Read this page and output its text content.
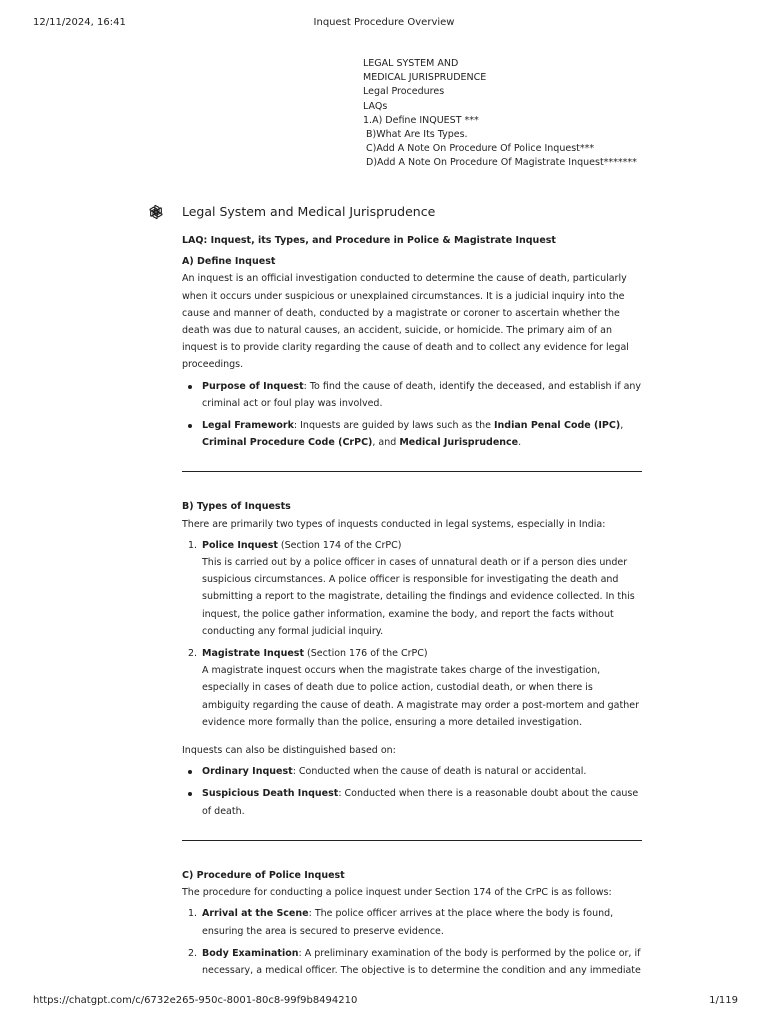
12/11/2024, 16:41	Inquest Procedure Overview
LEGAL SYSTEM AND
MEDICAL JURISPRUDENCE
Legal Procedures
LAQs
1.A) Define INQUEST ***
B)What Are Its Types.
C)Add A Note On Procedure Of Police Inquest***
D)Add A Note On Procedure Of Magistrate Inquest*******
Legal System and Medical Jurisprudence

LAQ: Inquest, its Types, and Procedure in Police & Magistrate Inquest

A) Define Inquest

An inquest is an official investigation conducted to determine the cause of death, particularly when it occurs under suspicious or unexplained circumstances. It is a judicial inquiry into the cause and manner of death, conducted by a magistrate or coroner to ascertain whether the death was due to natural causes, an accident, suicide, or homicide. The primary aim of an inquest is to provide clarity regarding the cause of death and to collect any evidence for legal proceedings.

Purpose of Inquest: To find the cause of death, identify the deceased, and establish if any criminal act or foul play was involved.
Legal Framework: Inquests are guided by laws such as the Indian Penal Code (IPC), Criminal Procedure Code (CrPC), and Medical Jurisprudence.

B) Types of Inquests

There are primarily two types of inquests conducted in legal systems, especially in India:

1. Police Inquest (Section 174 of the CrPC)
This is carried out by a police officer in cases of unnatural death or if a person dies under suspicious circumstances. A police officer is responsible for investigating the death and submitting a report to the magistrate, detailing the findings and evidence collected. In this inquest, the police gather information, examine the body, and report the facts without conducting any formal judicial inquiry.
2. Magistrate Inquest (Section 176 of the CrPC)
A magistrate inquest occurs when the magistrate takes charge of the investigation, especially in cases of death due to police action, custodial death, or when there is ambiguity regarding the cause of death. A magistrate may order a post-mortem and gather evidence more formally than the police, ensuring a more detailed investigation.

Inquests can also be distinguished based on:

Ordinary Inquest: Conducted when the cause of death is natural or accidental.
Suspicious Death Inquest: Conducted when there is a reasonable doubt about the cause of death.

C) Procedure of Police Inquest

The procedure for conducting a police inquest under Section 174 of the CrPC is as follows:

1. Arrival at the Scene: The police officer arrives at the place where the body is found, ensuring the area is secured to preserve evidence.
2. Body Examination: A preliminary examination of the body is performed by the police or, if necessary, a medical officer. The objective is to determine the condition and any immediate
https://chatgpt.com/c/6732e265-950c-8001-80c8-99f9b8494210	1/119
